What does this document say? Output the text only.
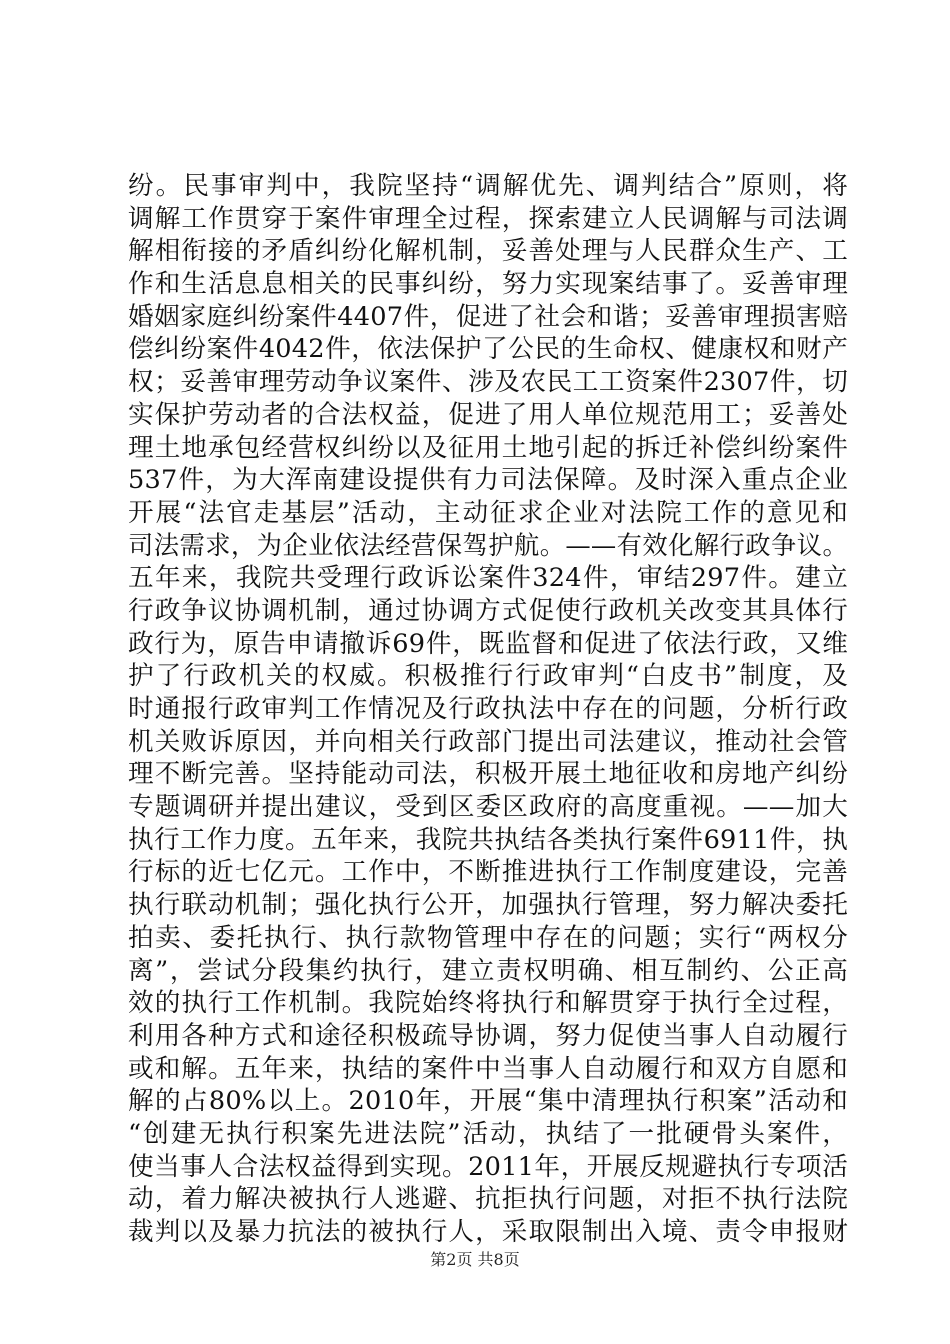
纷。民事审判中，我院坚持“调解优先、调判结合”原则，将
调解工作贯穿于案件审理全过程，探索建立人民调解与司法调
解相衔接的矛盾纠纷化解机制，妥善处理与人民群众生产、工
作和生活息息相关的民事纠纷，努力实现案结事了。妥善审理
婚姻家庭纠纷案件4407件，促进了社会和谐；妥善审理损害赔
偿纠纷案件4042件，依法保护了公民的生命权、健康权和财产
权；妥善审理劳动争议案件、涉及农民工工资案件2307件，切
实保护劳动者的合法权益，促进了用人单位规范用工；妥善处
理土地承包经营权纠纷以及征用土地引起的拆迁补偿纠纷案件
537件，为大浑南建设提供有力司法保障。及时深入重点企业
开展“法官走基层”活动，主动征求企业对法院工作的意见和
司法需求，为企业依法经营保驾护航。——有效化解行政争议。
五年来，我院共受理行政诉讼案件324件，审结297件。建立
行政争议协调机制，通过协调方式促使行政机关改变其具体行
政行为，原告申请撤诉69件，既监督和促进了依法行政，又维
护了行政机关的权威。积极推行行政审判“白皮书”制度，及
时通报行政审判工作情况及行政执法中存在的问题，分析行政
机关败诉原因，并向相关行政部门提出司法建议，推动社会管
理不断完善。坚持能动司法，积极开展土地征收和房地产纠纷
专题调研并提出建议，受到区委区政府的高度重视。——加大
执行工作力度。五年来，我院共执结各类执行案件6911件，执
行标的近七亿元。工作中，不断推进执行工作制度建设，完善
执行联动机制；强化执行公开，加强执行管理，努力解决委托
拍卖、委托执行、执行款物管理中存在的问题；实行“两权分
离”，尝试分段集约执行，建立责权明确、相互制约、公正高
效的执行工作机制。我院始终将执行和解贯穿于执行全过程，
利用各种方式和途径积极疏导协调，努力促使当事人自动履行
或和解。五年来，执结的案件中当事人自动履行和双方自愿和
解的占80%以上。2010年，开展“集中清理执行积案”活动和
“创建无执行积案先进法院”活动，执结了一批硬骨头案件，
使当事人合法权益得到实现。2011年，开展反规避执行专项活
动，着力解决被执行人逃避、抗拒执行问题，对拒不执行法院
裁判以及暴力抗法的被执行人，采取限制出入境、责令申报财

第2页 共8页
